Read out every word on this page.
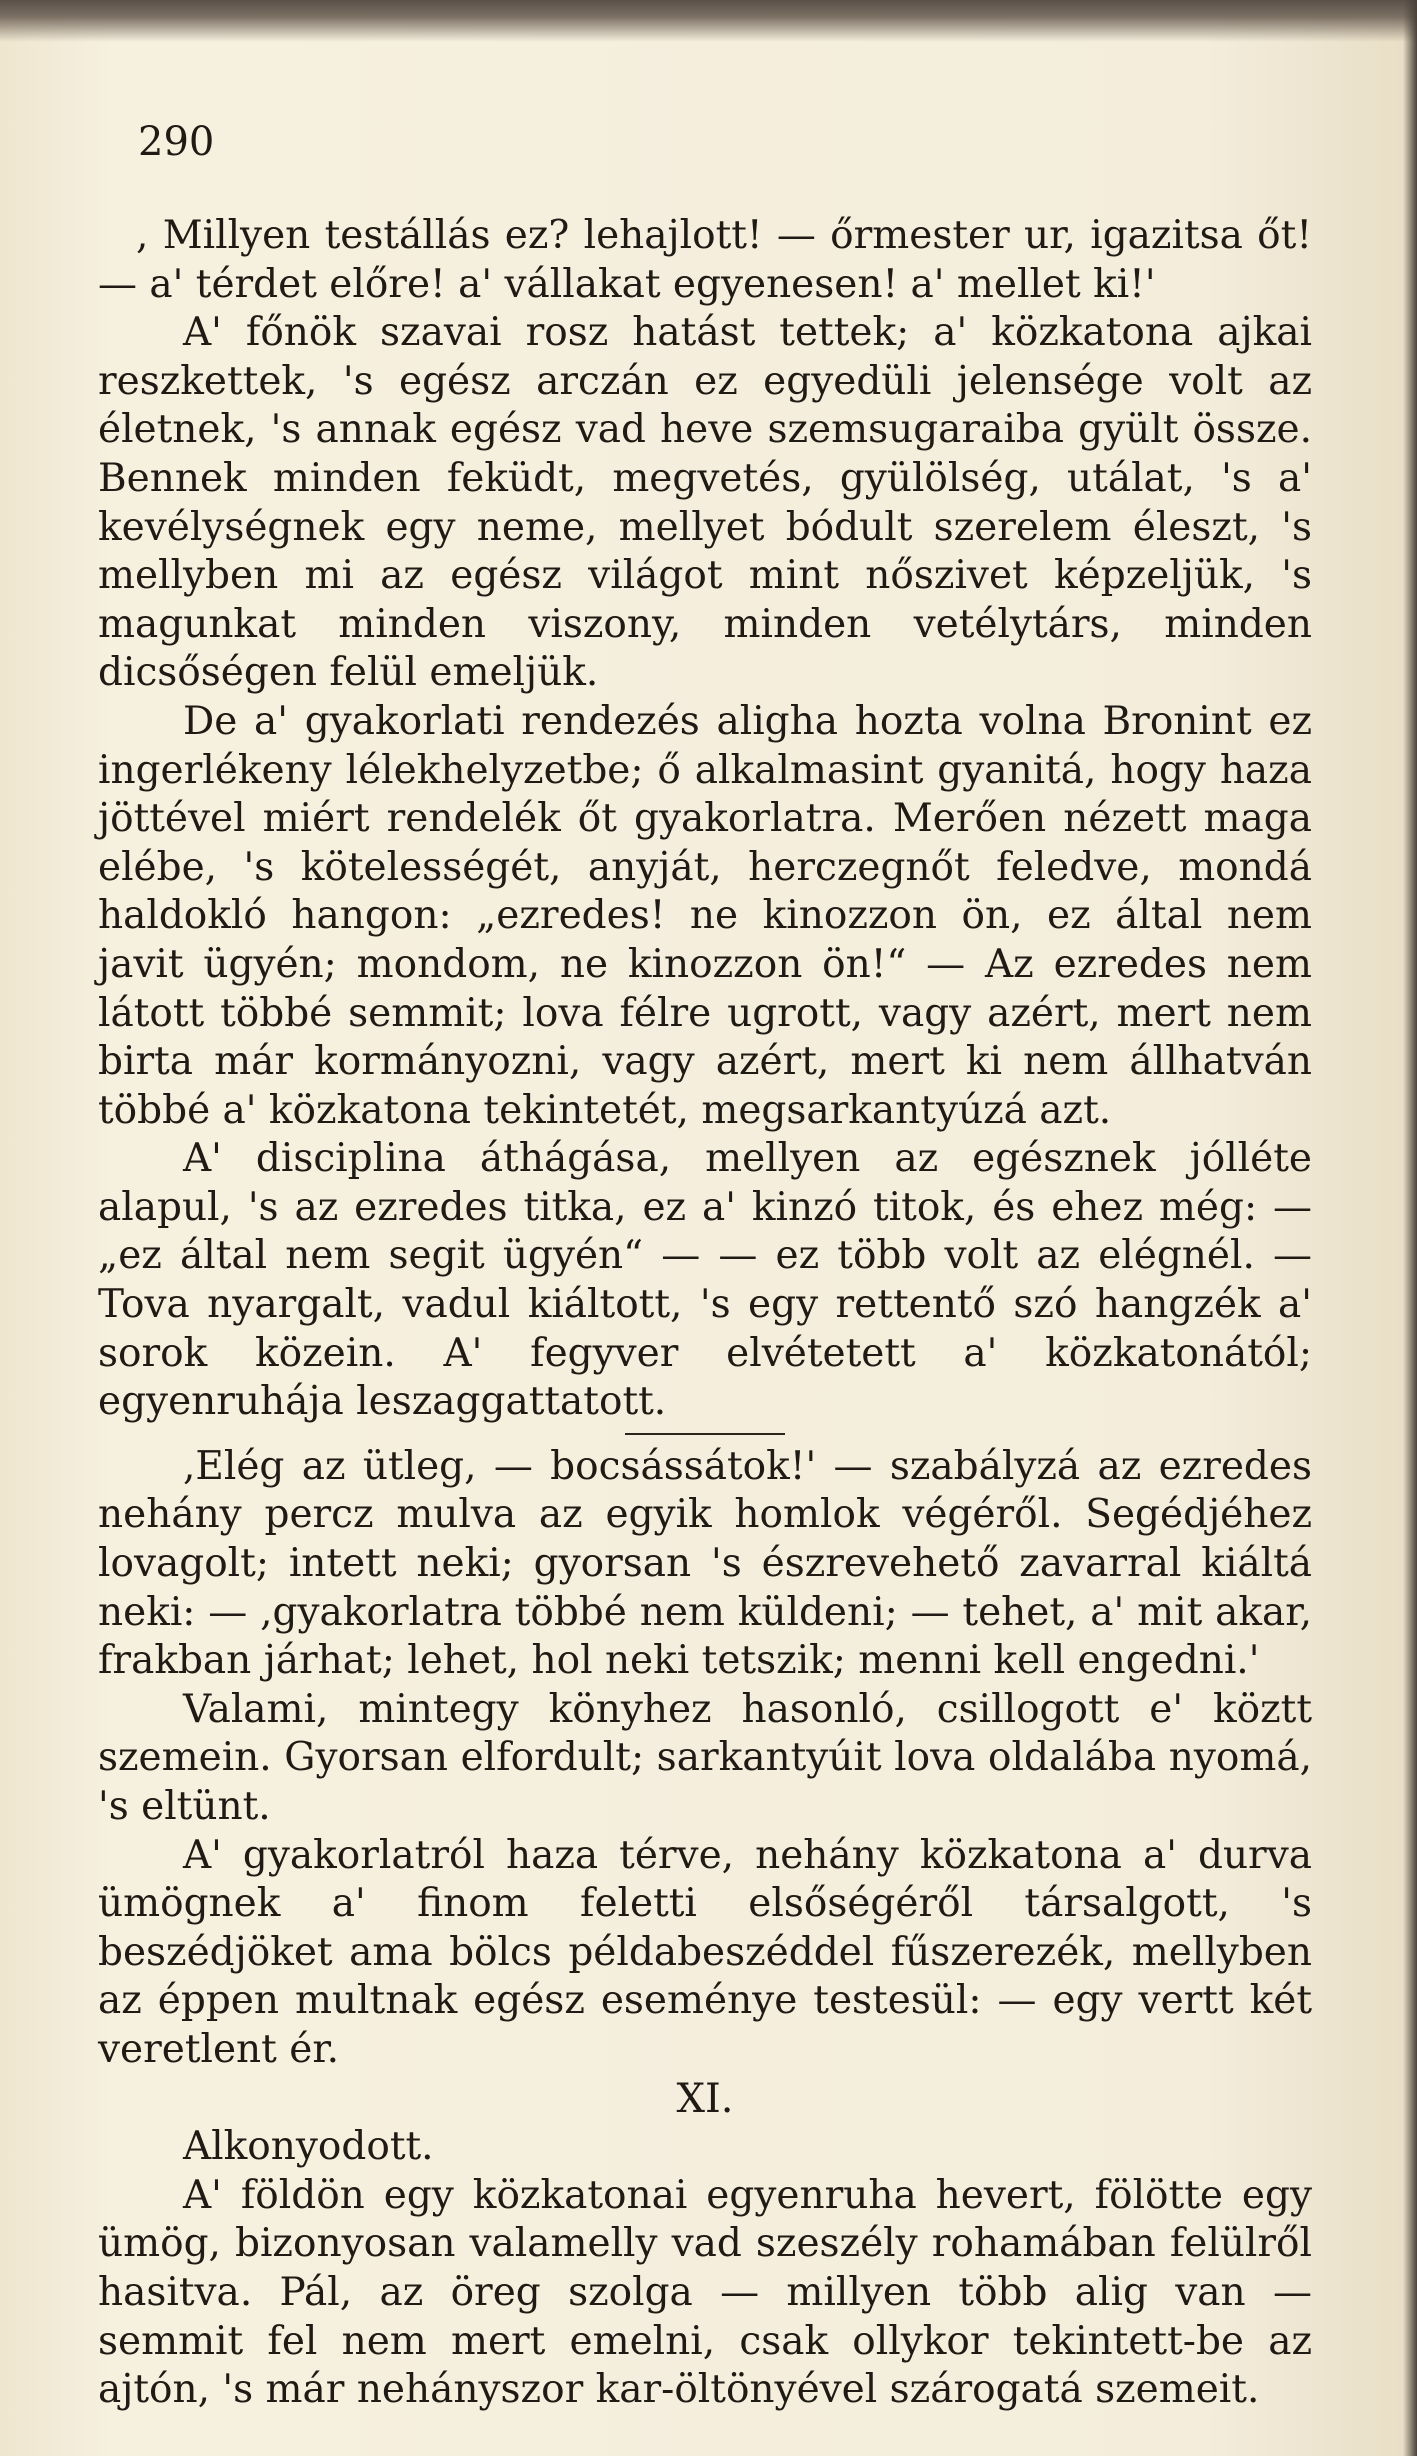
290

, Millyen testállás ez? lehajlott! — őrmester ur, igazitsa őt! — a' térdet előre! a' vállakat egyenesen! a' mellet ki!'

A' főnök szavai rosz hatást tettek; a' közkatona ajkai reszkettek, 's egész arczán ez egyedüli jelensége volt az életnek, 's annak egész vad heve szemsugaraiba gyült össze. Bennek minden feküdt, megvetés, gyülölség, utálat, 's a' kevélységnek egy neme, mellyet bódult szerelem éleszt, 's mellyben mi az egész világot mint nőszivet képzeljük, 's magunkat minden viszony, minden vetélytárs, minden dicsőségen felül emeljük.

De a' gyakorlati rendezés aligha hozta volna Bronint ez ingerlékeny lélekhelyzetbe; ő alkalmasint gyanitá, hogy haza jöttével miért rendelék őt gyakorlatra. Merően nézett maga elébe, 's kötelességét, anyját, herczegnőt feledve, mondá haldokló hangon: „ezredes! ne kinozzon ön, ez által nem javit ügyén; mondom, ne kinozzon ön!“ — Az ezredes nem látott többé semmit; lova félre ugrott, vagy azért, mert nem birta már kormányozni, vagy azért, mert ki nem állhatván többé a' közkatona tekintetét, megsarkantyúzá azt.

A' disciplina áthágása, mellyen az egésznek jólléte alapul, 's az ezredes titka, ez a' kinzó titok, és ehez még: — „ez által nem segit ügyén“ — — ez több volt az elégnél. — Tova nyargalt, vadul kiáltott, 's egy rettentő szó hangzék a' sorok közein. A' fegyver elvétetett a' közkatonától; egyenruhája leszaggattatott.

,Elég az ütleg, — bocsássátok!' — szabályzá az ezredes nehány percz mulva az egyik homlok végéről. Segédjéhez lovagolt; intett neki; gyorsan 's észrevehető zavarral kiáltá neki: — ,gyakorlatra többé nem küldeni; — tehet, a' mit akar, frakban járhat; lehet, hol neki tetszik; menni kell engedni.'

Valami, mintegy könyhez hasonló, csillogott e' köztt szemein. Gyorsan elfordult; sarkantyúit lova oldalába nyomá, 's eltünt.

A' gyakorlatról haza térve, nehány közkatona a' durva ümögnek a' finom feletti elsőségéről társalgott, 's beszédjöket ama bölcs példabeszéddel fűszerezék, mellyben az éppen multnak egész eseménye testesül: — egy vertt két veretlent ér.

XI.

Alkonyodott.

A' földön egy közkatonai egyenruha hevert, fölötte egy ümög, bizonyosan valamelly vad szeszély rohamában felülről hasitva. Pál, az öreg szolga — millyen több alig van — semmit fel nem mert emelni, csak ollykor tekintett-be az ajtón, 's már nehányszor kar-öltönyével szárogatá szemeit.
